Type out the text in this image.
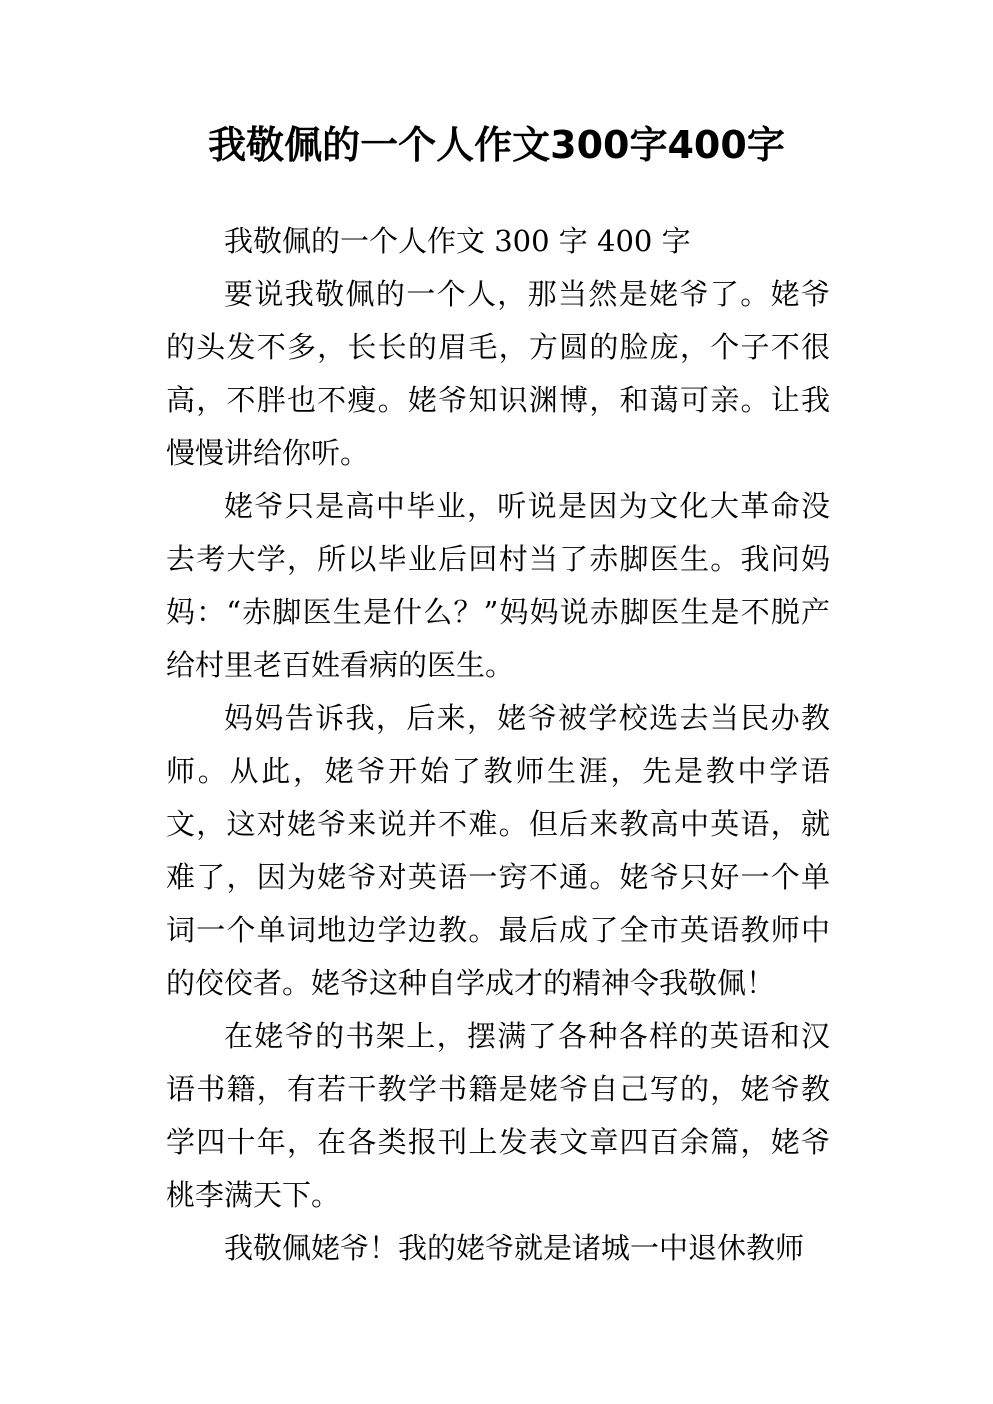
我敬佩的一个人作文300字400字

我敬佩的一个人作文 300 字 400 字

要说我敬佩的一个人，那当然是姥爷了。姥爷的头发不多，长长的眉毛，方圆的脸庞，个子不很高，不胖也不瘦。姥爷知识渊博，和蔼可亲。让我慢慢讲给你听。

姥爷只是高中毕业，听说是因为文化大革命没去考大学，所以毕业后回村当了赤脚医生。我问妈妈：“赤脚医生是什么？”妈妈说赤脚医生是不脱产给村里老百姓看病的医生。

妈妈告诉我，后来，姥爷被学校选去当民办教师。从此，姥爷开始了教师生涯，先是教中学语文，这对姥爷来说并不难。但后来教高中英语，就难了，因为姥爷对英语一窍不通。姥爷只好一个单词一个单词地边学边教。最后成了全市英语教师中的佼佼者。姥爷这种自学成才的精神令我敬佩！

在姥爷的书架上，摆满了各种各样的英语和汉语书籍，有若干教学书籍是姥爷自己写的，姥爷教学四十年，在各类报刊上发表文章四百余篇，姥爷桃李满天下。

我敬佩姥爷！我的姥爷就是诸城一中退休教师
